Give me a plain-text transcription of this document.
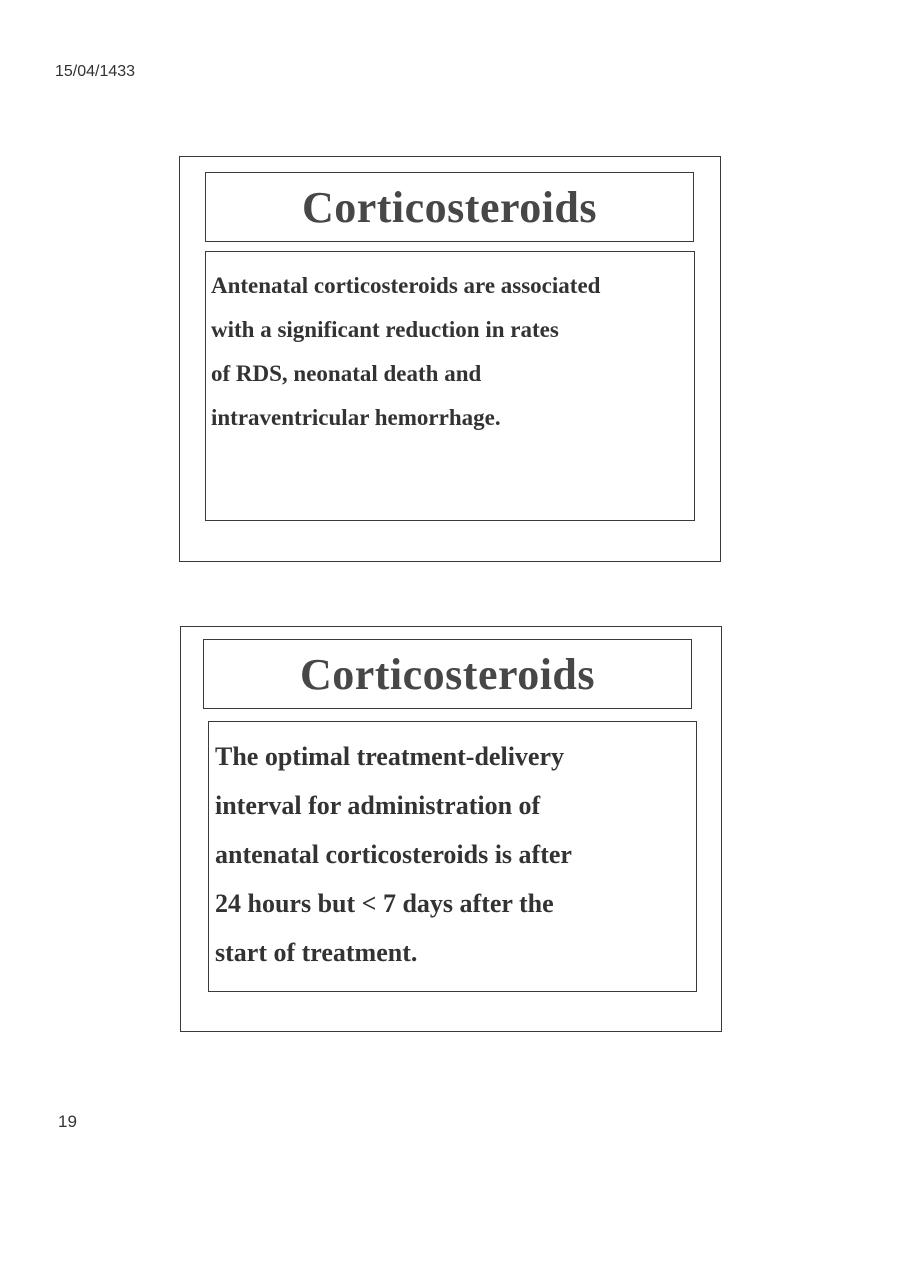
15/04/1433
Corticosteroids
Antenatal corticosteroids are associated
with a significant reduction in rates
of RDS, neonatal death and
intraventricular hemorrhage.
Corticosteroids
The optimal treatment-delivery
interval for administration of
antenatal corticosteroids is after
24 hours but < 7 days after the
start of treatment.
19
